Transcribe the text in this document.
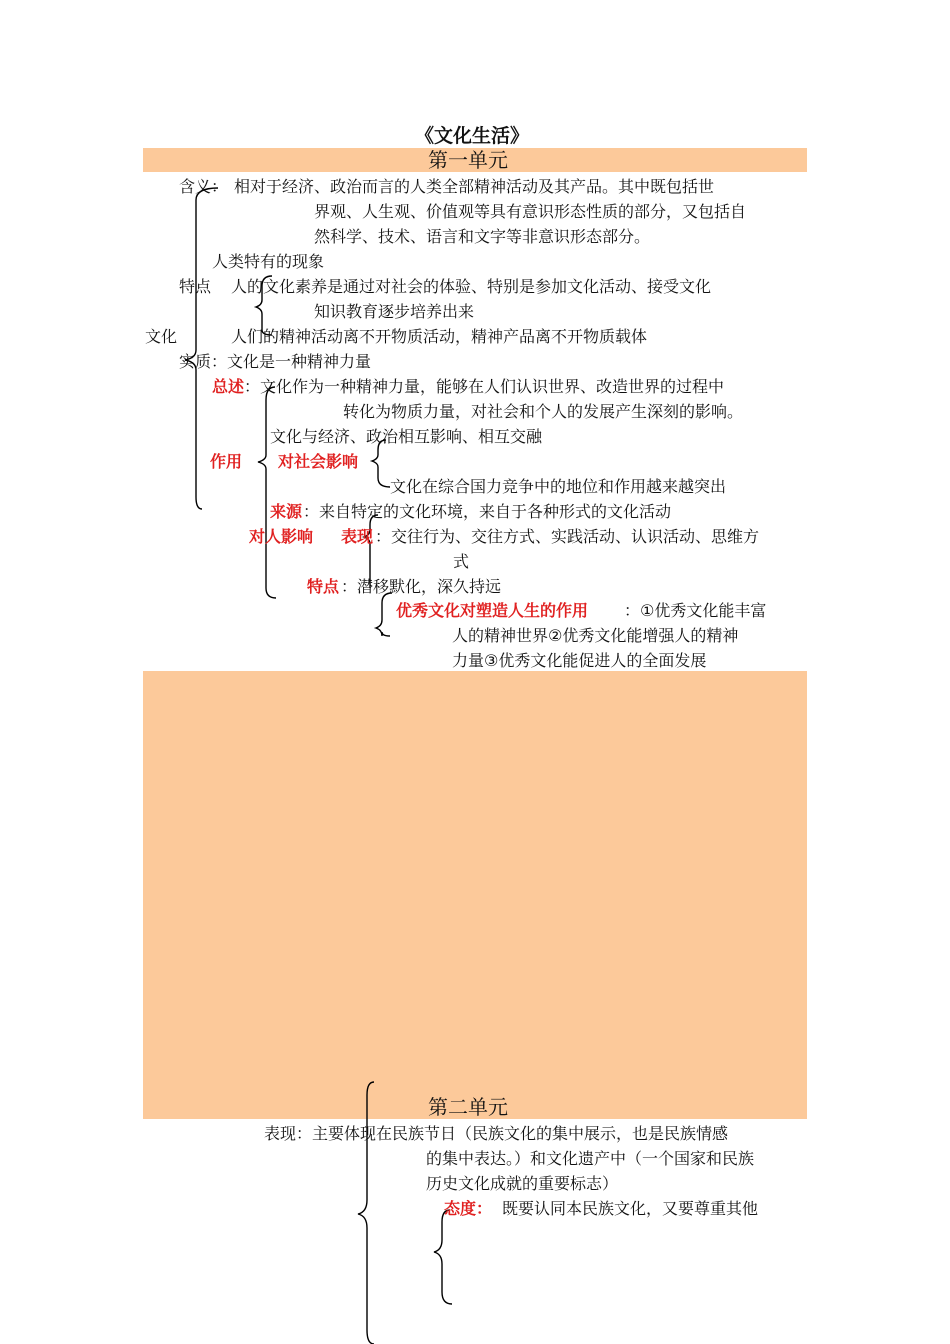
《文化生活》
第一单元
含义： 相对于经济、政治而言的人类全部精神活动及其产品。其中既包括世
界观、人生观、价值观等具有意识形态性质的部分，又包括自
然科学、技术、语言和文字等非意识形态部分。
人类特有的现象
特点 人的文化素养是通过对社会的体验、特别是参加文化活动、接受文化
知识教育逐步培养出来
文化	人们的精神活动离不开物质活动，精神产品离不开物质载体
实质：文化是一种精神力量
总述 ：文化作为一种精神力量，能够在人们认识世界、改造世界的过程中
转化为物质力量，对社会和个人的发展产生深刻的影响。
文化与经济、政治相互影响、相互交融
作用 对社会影响
文化在综合国力竞争中的地位和作用越来越突出
来源 ：来自特定的文化环境，来自于各种形式的文化活动
对人影响 表现 ：交往行为、交往方式、实践活动、认识活动、思维方
式
特点 ：潜移默化，深久持远
优秀文化对塑造人生的作用 ：①优秀文化能丰富
人的精神世界②优秀文化能增强人的精神
力量③优秀文化能促进人的全面发展
第二单元
表现：主要体现在民族节日（民族文化的集中展示，也是民族情感
的集中表达。）和文化遗产中（一个国家和民族
历史文化成就的重要标志）
态度： 既要认同本民族文化，又要尊重其他
